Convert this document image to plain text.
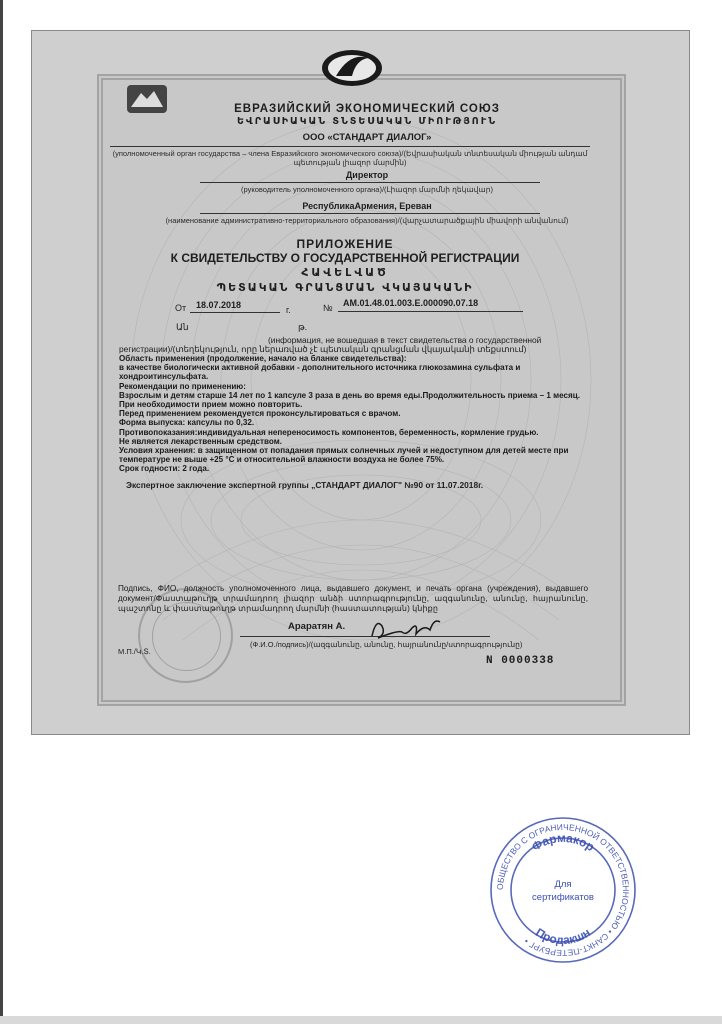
ЕВРАЗИЙСКИЙ ЭКОНОМИЧЕСКИЙ СОЮЗ
ԵՎՐԱՍԻԱԿԱՆ ՏՆՏԵՍԱԿԱՆ ՄԻՈՒԹՅՈՒՆ
ООО «СТАНДАРТ ДИАЛОГ»
(уполномоченный орган государства – члена Евразийского экономического союза)/(Եվրասիական տնտեսական միության անդամ պետության լիազոր մարմին)
Директор
(руководитель уполномоченного органа)/(Լիազոր մարմնի ղեկավար)
РеспубликаАрмения, Ереван
(наименование административно-территориального образования)/(վարչատարածքային միավորի անվանում)
ПРИЛОЖЕНИЕ
К СВИДЕТЕЛЬСТВУ О ГОСУДАРСТВЕННОЙ РЕГИСТРАЦИИ
ՀԱՎԵԼՎԱԾ
ՊԵՏԱԿԱՆ ԳՐԱՆՑՄԱՆ ՎԿԱՅԱԿԱՆԻ
От 18.07.2018	г.	№ АМ.01.48.01.003.Е.000090.07.18
Ան	թ.
(информация, не вошедшая в текст свидетельства о государственной
регистрации)/(տեղեկություն, որը ներառված չէ պետական գրանցման վկայականի տեքստում)
Область применения (продолжение, начало на бланке свидетельства):
в качестве биологически активной добавки - дополнительного источника глюкозамина сульфата и хондроитинсульфата.
Рекомендации по применению:
Взрослым и детям старше 14 лет по 1 капсуле 3 раза в день во время еды.Продолжительность приема – 1 месяц. При необходимости прием можно повторить.
Перед применением рекомендуется проконсультироваться с врачом.
Форма выпуска: капсулы по 0,32.
Противопоказания:индивидуальная непереносимость компонентов, беременность, кормление грудью.
Не является лекарственным средством.
Условия хранения: в защищенном от попадания прямых солнечных лучей и недоступном для детей месте при температуре не выше +25 °С и относительной влажности воздуха не более 75%.
Срок годности: 2 года.
Экспертное заключение экспертной группы „СТАНДАРТ ДИАЛОГ" №90 от 11.07.2018г.
Подпись, ФИО, должность уполномоченного лица, выдавшего документ, и печать органа (учреждения), выдавшего документ/Փաստաթուղթ տրամադրող լիազոր անձի ստորագրությունը, ազգանունը, անունը, հայրանունը, պաշտոնը և փաստաթուղթ տրամադրող մարմնի (հաստատության) կնիքը
Араратян А.
(Ф.И.О./подпись)/(ազգանունը, անունը, հայրանունը/ստորագրությունը)
М.П./Կ.Տ.
N 0000338
ОБЩЕСТВО С ОГРАНИЧЕННОЙ ОТВЕТСТВЕННОСТЬЮ • САНКТ-ПЕТЕРБУРГ •
Фармакор
Продакшн
Для
сертификатов
